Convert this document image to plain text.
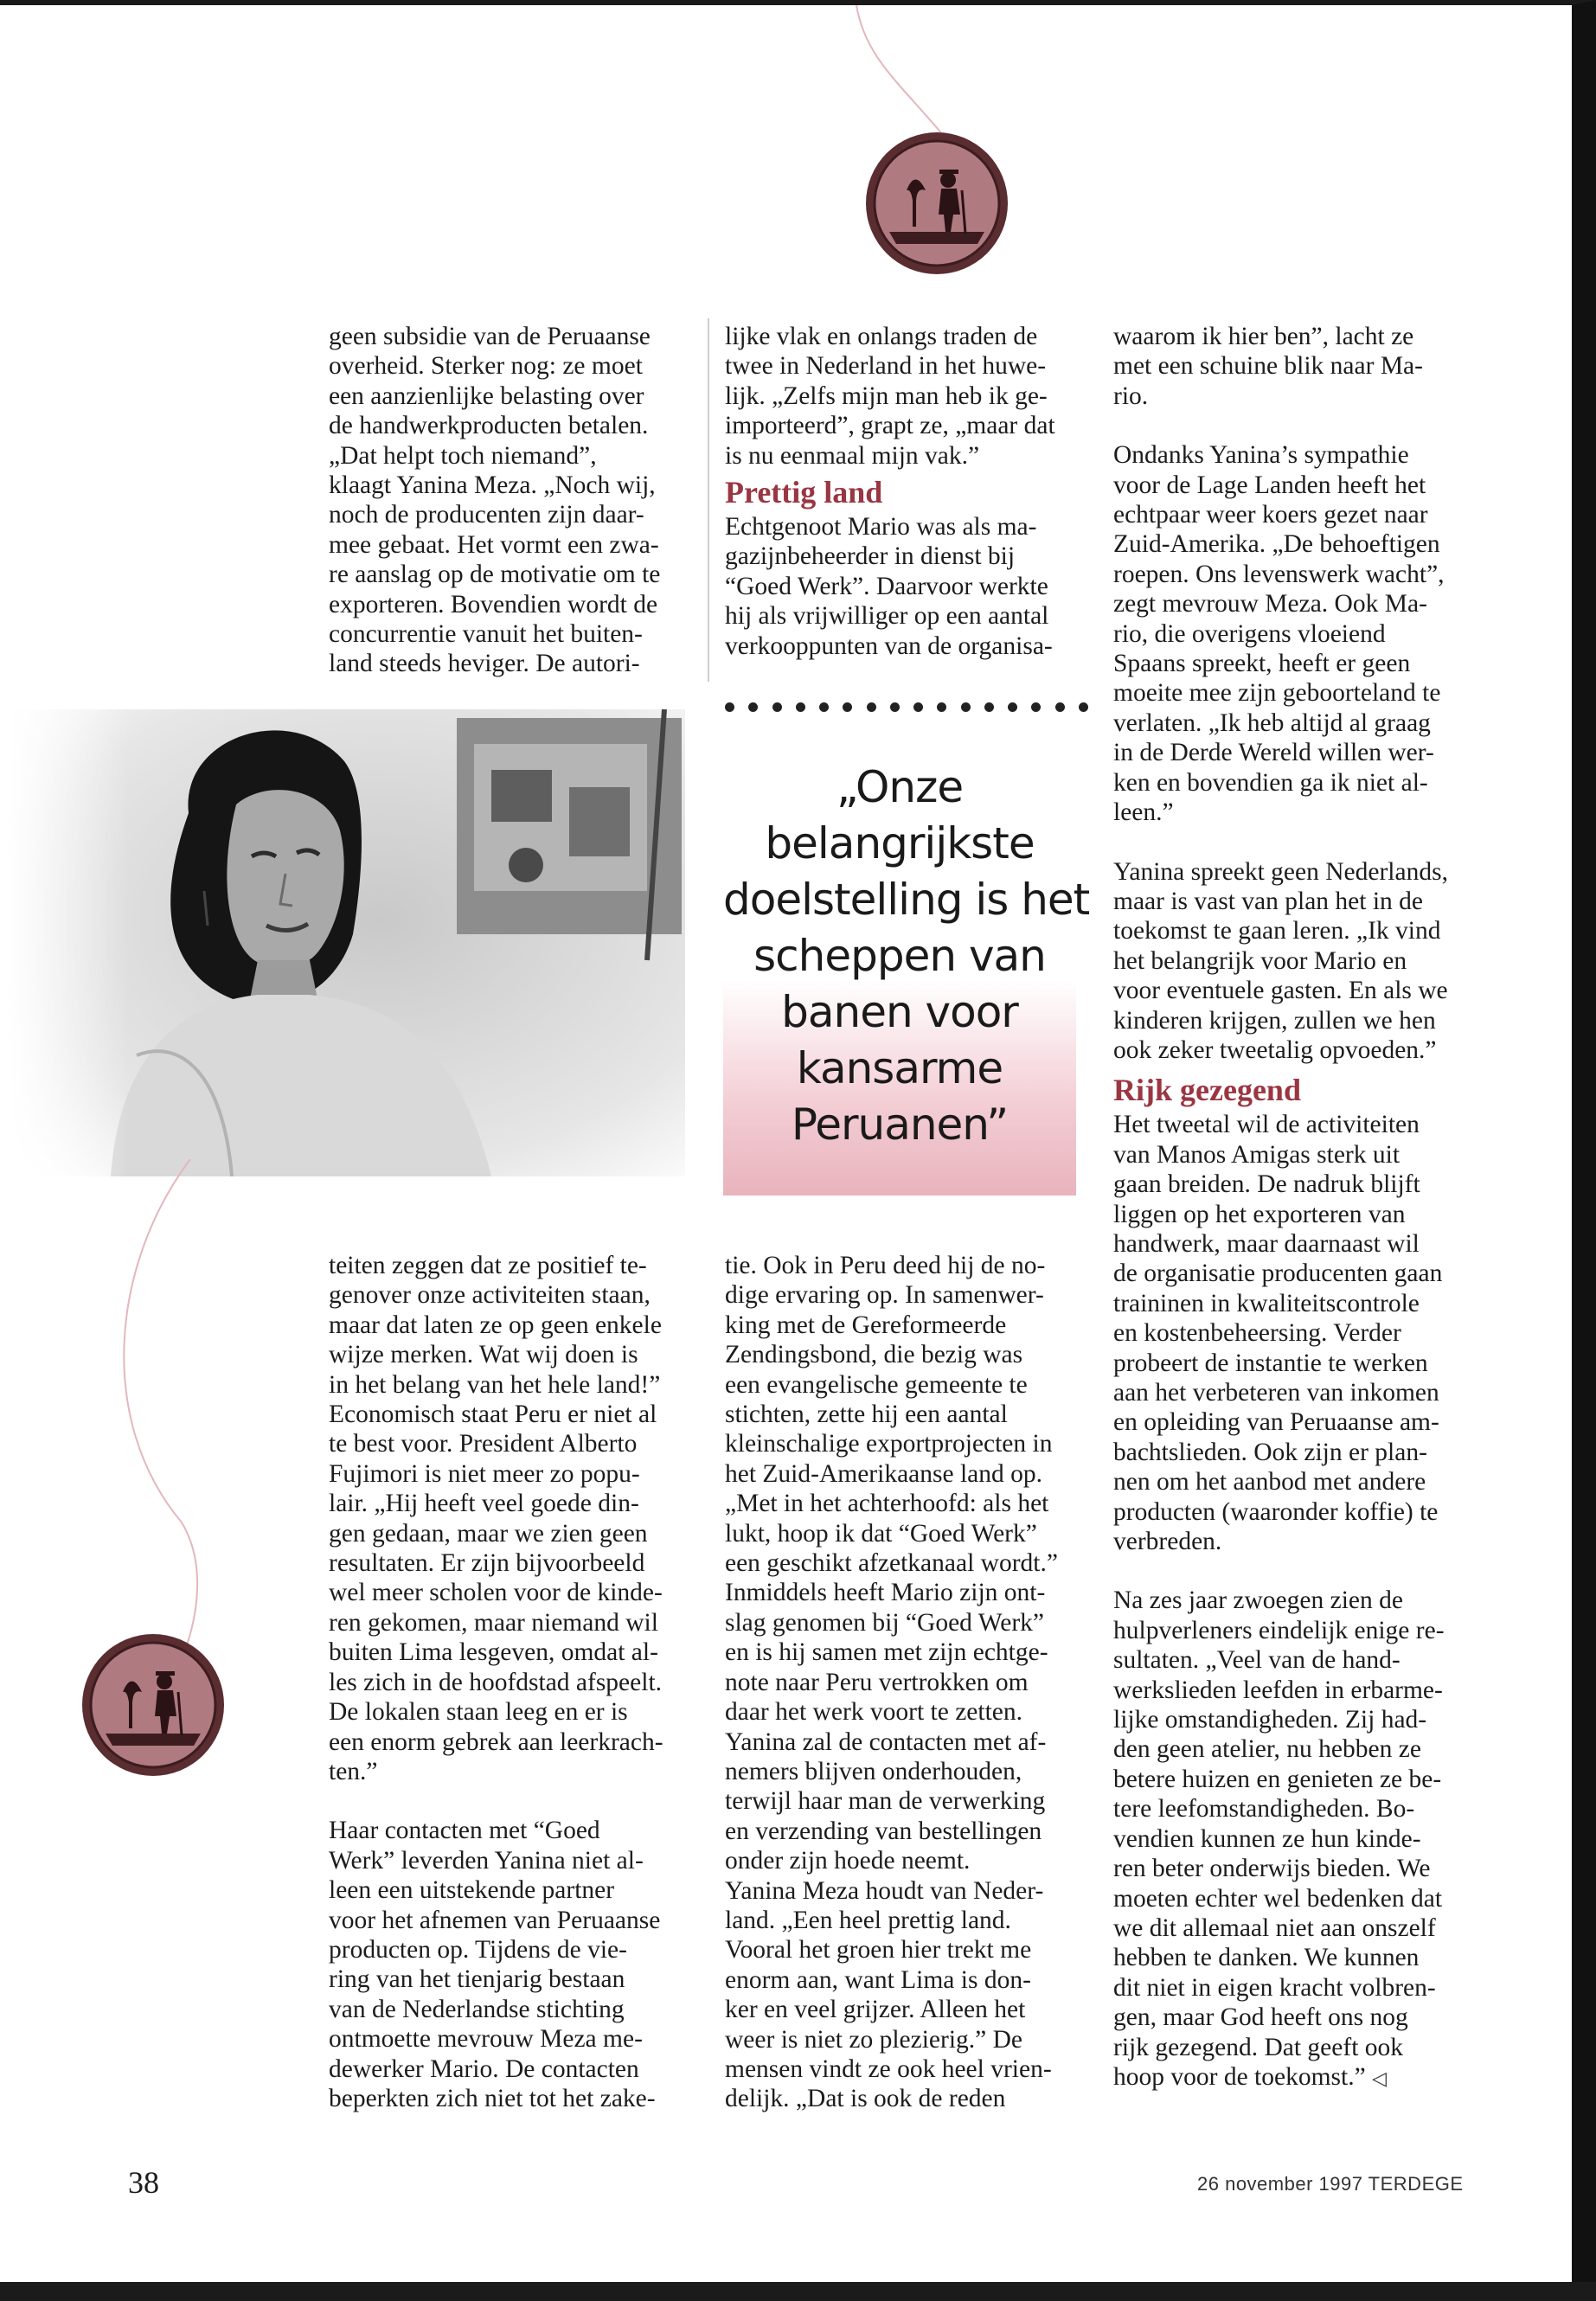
geen subsidie van de Peruaanse
overheid. Sterker nog: ze moet
een aanzienlijke belasting over
de handwerkproducten betalen.
„Dat helpt toch niemand”,
klaagt Yanina Meza. „Noch wij,
noch de producenten zijn daar-
mee gebaat. Het vormt een zwa-
re aanslag op de motivatie om te
exporteren. Bovendien wordt de
concurrentie vanuit het buiten-
land steeds heviger. De autori-

lijke vlak en onlangs traden de
twee in Nederland in het huwe-
lijk. „Zelfs mijn man heb ik ge-
importeerd”, grapt ze, „maar dat
is nu eenmaal mijn vak.”

Prettig land

Echtgenoot Mario was als ma-
gazijnbeheerder in dienst bij
“Goed Werk”. Daarvoor werkte
hij als vrijwilliger op een aantal
verkooppunten van de organisa-

„Onze
belangrijkste
doelstelling is het
scheppen van
banen voor
kansarme
Peruanen”

teiten zeggen dat ze positief te-
genover onze activiteiten staan,
maar dat laten ze op geen enkele
wijze merken. Wat wij doen is
in het belang van het hele land!”
Economisch staat Peru er niet al
te best voor. President Alberto
Fujimori is niet meer zo popu-
lair. „Hij heeft veel goede din-
gen gedaan, maar we zien geen
resultaten. Er zijn bijvoorbeeld
wel meer scholen voor de kinde-
ren gekomen, maar niemand wil
buiten Lima lesgeven, omdat al-
les zich in de hoofdstad afspeelt.
De lokalen staan leeg en er is
een enorm gebrek aan leerkrach-
ten.”

Haar contacten met “Goed
Werk” leverden Yanina niet al-
leen een uitstekende partner
voor het afnemen van Peruaanse
producten op. Tijdens de vie-
ring van het tienjarig bestaan
van de Nederlandse stichting
ontmoette mevrouw Meza me-
dewerker Mario. De contacten
beperkten zich niet tot het zake-

tie. Ook in Peru deed hij de no-
dige ervaring op. In samenwer-
king met de Gereformeerde
Zendingsbond, die bezig was
een evangelische gemeente te
stichten, zette hij een aantal
kleinschalige exportprojecten in
het Zuid-Amerikaanse land op.
„Met in het achterhoofd: als het
lukt, hoop ik dat “Goed Werk”
een geschikt afzetkanaal wordt.”
Inmiddels heeft Mario zijn ont-
slag genomen bij “Goed Werk”
en is hij samen met zijn echtge-
note naar Peru vertrokken om
daar het werk voort te zetten.
Yanina zal de contacten met af-
nemers blijven onderhouden,
terwijl haar man de verwerking
en verzending van bestellingen
onder zijn hoede neemt.
Yanina Meza houdt van Neder-
land. „Een heel prettig land.
Vooral het groen hier trekt me
enorm aan, want Lima is don-
ker en veel grijzer. Alleen het
weer is niet zo plezierig.” De
mensen vindt ze ook heel vrien-
delijk. „Dat is ook de reden

waarom ik hier ben”, lacht ze
met een schuine blik naar Ma-
rio.

Ondanks Yanina’s sympathie
voor de Lage Landen heeft het
echtpaar weer koers gezet naar
Zuid-Amerika. „De behoeftigen
roepen. Ons levenswerk wacht”,
zegt mevrouw Meza. Ook Ma-
rio, die overigens vloeiend
Spaans spreekt, heeft er geen
moeite mee zijn geboorteland te
verlaten. „Ik heb altijd al graag
in de Derde Wereld willen wer-
ken en bovendien ga ik niet al-
leen.”

Yanina spreekt geen Nederlands,
maar is vast van plan het in de
toekomst te gaan leren. „Ik vind
het belangrijk voor Mario en
voor eventuele gasten. En als we
kinderen krijgen, zullen we hen
ook zeker tweetalig opvoeden.”

Rijk gezegend

Het tweetal wil de activiteiten
van Manos Amigas sterk uit
gaan breiden. De nadruk blijft
liggen op het exporteren van
handwerk, maar daarnaast wil
de organisatie producenten gaan
traininen in kwaliteitscontrole
en kostenbeheersing. Verder
probeert de instantie te werken
aan het verbeteren van inkomen
en opleiding van Peruaanse am-
bachtslieden. Ook zijn er plan-
nen om het aanbod met andere
producten (waaronder koffie) te
verbreden.

Na zes jaar zwoegen zien de
hulpverleners eindelijk enige re-
sultaten. „Veel van de hand-
werkslieden leefden in erbarme-
lijke omstandigheden. Zij had-
den geen atelier, nu hebben ze
betere huizen en genieten ze be-
tere leefomstandigheden. Bo-
vendien kunnen ze hun kinde-
ren beter onderwijs bieden. We
moeten echter wel bedenken dat
we dit allemaal niet aan onszelf
hebben te danken. We kunnen
dit niet in eigen kracht volbren-
gen, maar God heeft ons nog
rijk gezegend. Dat geeft ook
hoop voor de toekomst.” ◁

38	26 november 1997 TERDEGE
